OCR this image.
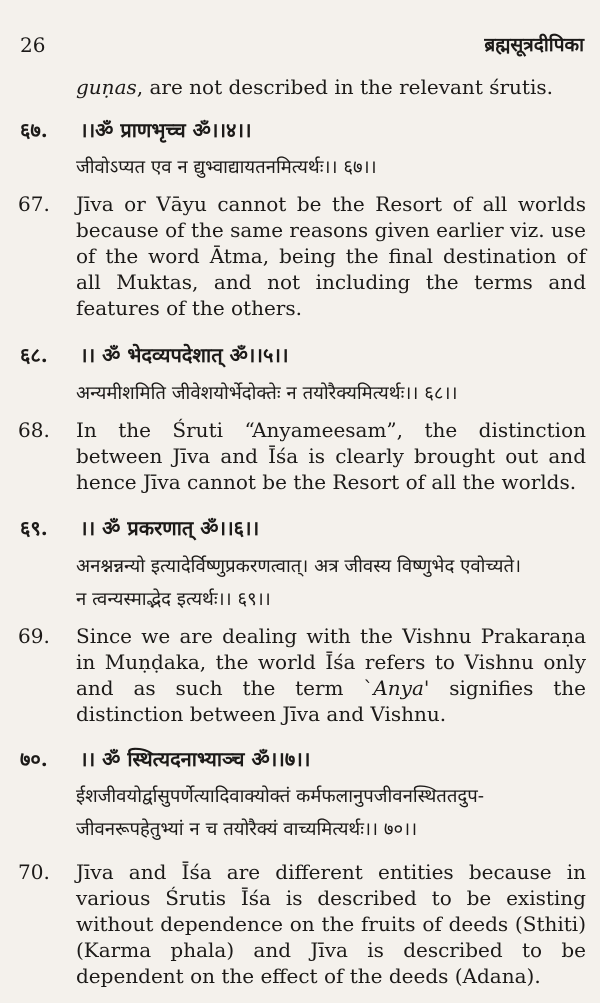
26	ब्रह्मसूत्रदीपिका
guṇas, are not described in the relevant śrutis.
६७. ।।ॐ प्राणभृच्च ॐ।।४।।
जीवोऽप्यत एव न द्युभ्वाद्यायतनमित्यर्थः।। ६७।।
67. Jīva or Vāyu cannot be the Resort of all worlds because of the same reasons given earlier viz. use of the word Ātma, being the final destination of all Muktas, and not including the terms and features of the others.
६८. ।। ॐ भेदव्यपदेशात् ॐ।।५।।
अन्यमीशमिति जीवेशयोर्भेदोक्तेः न तयोरैक्यमित्यर्थः।। ६८।।
68. In the Śruti “Anyameesam”, the distinction between Jīva and Īśa is clearly brought out and hence Jīva cannot be the Resort of all the worlds.
६९. ।। ॐ प्रकरणात् ॐ।।६।।
अनश्नन्नन्यो इत्यादेर्विष्णुप्रकरणत्वात्। अत्र जीवस्य विष्णुभेद एवोच्यते।
न त्वन्यस्माद्भेद इत्यर्थः।। ६९।।
69. Since we are dealing with the Vishnu Prakaraṇa in Muṇḍaka, the world Īśa refers to Vishnu only and as such the term `Anya' signifies the distinction between Jīva and Vishnu.
७०. ।। ॐ स्थित्यदनाभ्याञ्च ॐ।।७।।
ईशजीवयोर्द्वासुपर्णेत्यादिवाक्योक्तं कर्मफलानुपजीवनस्थिततदुप-
जीवनरूपहेतुभ्यां न च तयोरैक्यं वाच्यमित्यर्थः।। ७०।।
70. Jīva and Īśa are different entities because in various Śrutis Īśa is described to be existing without dependence on the fruits of deeds (Sthiti) (Karma phala) and Jīva is described to be dependent on the effect of the deeds (Adana).
